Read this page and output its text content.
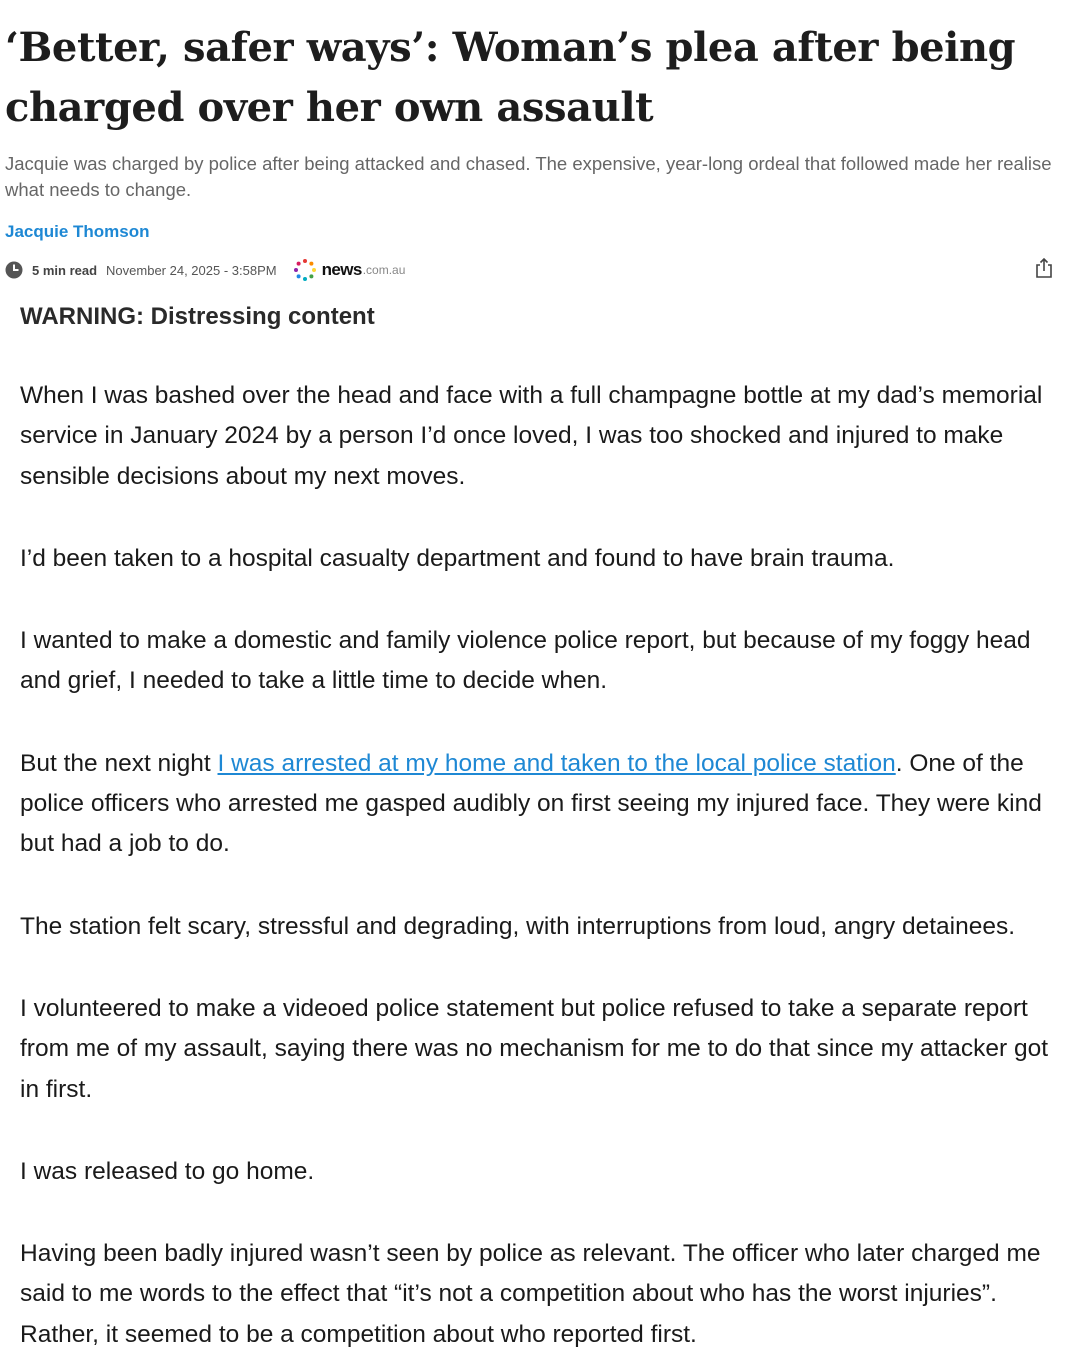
‘Better, safer ways’: Woman’s plea after being charged over her own assault

Jacquie was charged by police after being attacked and chased. The expensive, year-long ordeal that followed made her realise what needs to change.

Jacquie Thomson
5 min read November 24, 2025 - 3:58PM	news .com.au

WARNING: Distressing content

When I was bashed over the head and face with a full champagne bottle at my dad’s memorial service in January 2024 by a person I’d once loved, I was too shocked and injured to make sensible decisions about my next moves.

I’d been taken to a hospital casualty department and found to have brain trauma.

I wanted to make a domestic and family violence police report, but because of my foggy head and grief, I needed to take a little time to decide when.

But the next night I was arrested at my home and taken to the local police station. One of the police officers who arrested me gasped audibly on first seeing my injured face. They were kind but had a job to do.

The station felt scary, stressful and degrading, with interruptions from loud, angry detainees.

I volunteered to make a videoed police statement but police refused to take a separate report from me of my assault, saying there was no mechanism for me to do that since my attacker got in first.

I was released to go home.

Having been badly injured wasn’t seen by police as relevant. The officer who later charged me said to me words to the effect that “it’s not a competition about who has the worst injuries”. Rather, it seemed to be a competition about who reported first.
